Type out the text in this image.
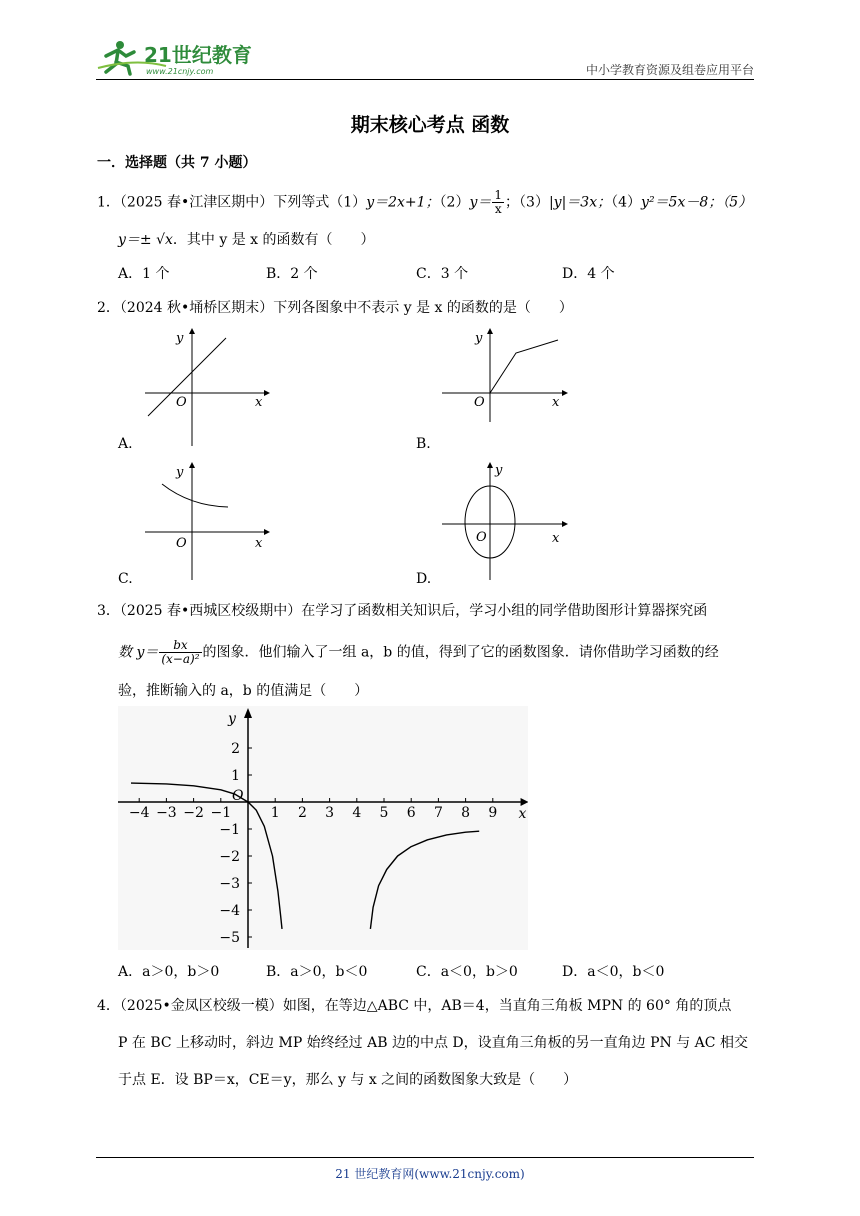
21世纪教育
www.21cnjy.com	中小学教育资源及组卷应用平台
期末核心考点 函数
一．选择题（共 7 小题）
1．（2025 春•江津区期中）下列等式（1）y＝2x+1；$(2)y= \frac{1}{x}$ ；（3）|y|＝3x；（4）y²＝5x－8；（5）
y＝± √x．其中 y 是 x 的函数有（　　）
A．1 个	B．2 个	C．3 个	D．4 个
2．（2024 秋•埇桥区期末）下列各图象中不表示 y 是 x 的函数的是（　　）
y
x
O
A.
y
x
O
B.
y
x
O
C.
y
x
O
D.
3．（2025 春•西城区校级期中）在学习了函数相关知识后，学习小组的同学借助图形计算器探究函
数 $y= \frac{bx}{\text{(x−a)²}}$ 的图象．他们输入了一组 a，b 的值，得到了它的函数图象．请你借助学习函数的经
验，推断输入的 a，b 的值满足（　　）
−4 −3 −2 −1	1 2 3 4 5 6 7 8 9
2
1
−1
−2
−3
−4
−5
y
x
O
A．a＞0，b＞0	B．a＞0，b＜0	C．a＜0，b＞0	D．a＜0，b＜0
4．（2025•金凤区校级一模）如图，在等边△ABC 中，AB＝4，当直角三角板 MPN 的 60° 角的顶点
P 在 BC 上移动时，斜边 MP 始终经过 AB 边的中点 D，设直角三角板的另一直角边 PN 与 AC 相交
于点 E．设 BP＝x，CE＝y，那么 y 与 x 之间的函数图象大致是（　　）
21 世纪教育网(www.21cnjy.com)
